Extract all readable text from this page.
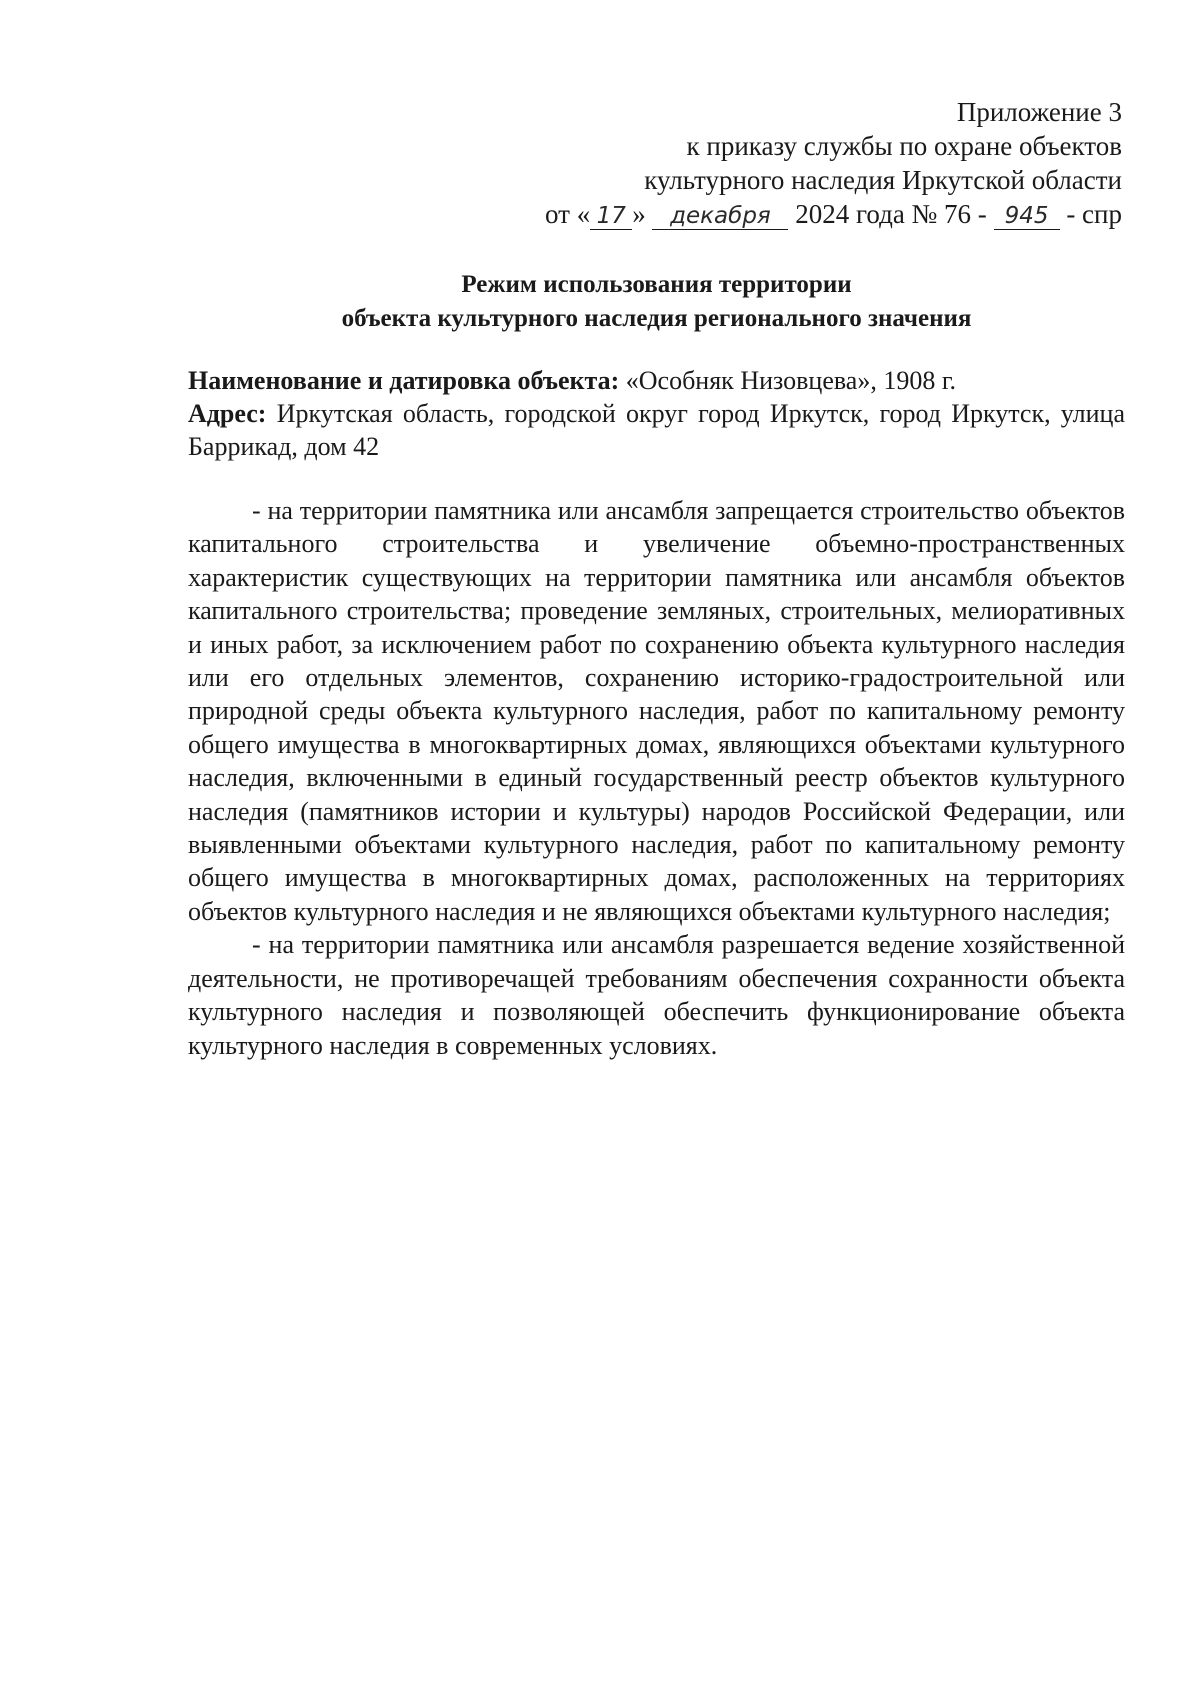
Приложение 3
к приказу службы по охране объектов
культурного наследия Иркутской области
от « 17 » декабря 2024 года № 76 - 945 - спр
Режим использования территории
объекта культурного наследия регионального значения
Наименование и датировка объекта: «Особняк Низовцева», 1908 г.
Адрес: Иркутская область, городской округ город Иркутск, город Иркутск, улица Баррикад, дом 42

- на территории памятника или ансамбля запрещается строительство объектов капитального строительства и увеличение объемно-пространственных характеристик существующих на территории памятника или ансамбля объектов капитального строительства; проведение земляных, строительных, мелиоративных и иных работ, за исключением работ по сохранению объекта культурного наследия или его отдельных элементов, сохранению историко-градостроительной или природной среды объекта культурного наследия, работ по капитальному ремонту общего имущества в многоквартирных домах, являющихся объектами культурного наследия, включенными в единый государственный реестр объектов культурного наследия (памятников истории и культуры) народов Российской Федерации, или выявленными объектами культурного наследия, работ по капитальному ремонту общего имущества в многоквартирных домах, расположенных на территориях объектов культурного наследия и не являющихся объектами культурного наследия;

- на территории памятника или ансамбля разрешается ведение хозяйственной деятельности, не противоречащей требованиям обеспечения сохранности объекта культурного наследия и позволяющей обеспечить функционирование объекта культурного наследия в современных условиях.
